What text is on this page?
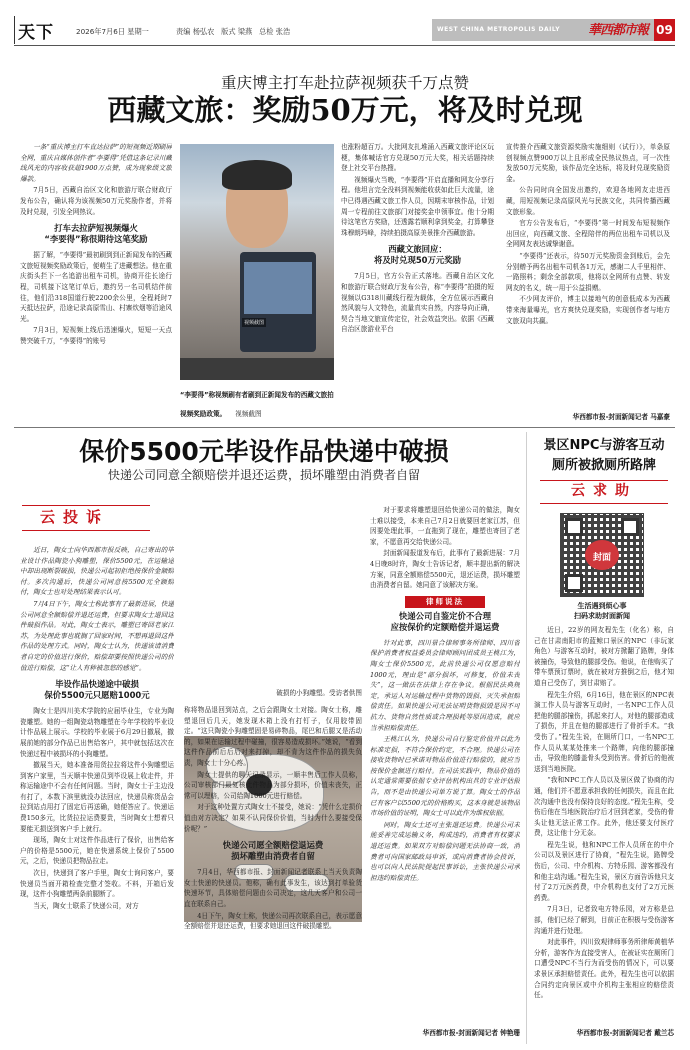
天下	2026年7月6日 星期一	责编 杨弘农 版式 梁燕 总检 张浩	WEST CHINA METROPOLIS DAILY 華西都市報 09
重庆博主打车赴拉萨视频获千万点赞
西藏文旅：奖励50万元，将及时兑现

一条“重庆博主打车直达拉萨”的短视频近期刷屏全网，重庆自媒体创作者“李要得”凭借这条记录川藏线风光的内容收获超1900万点赞，成为现象级文旅爆款。

7月5日，西藏自治区文化和旅游厅联合财政厅发布公告，确认将为该视频50万元奖励作者，并将及时兑现，引发全网热议。

打车去拉萨短视频爆火
“李要得”称很期待这笔奖励

据了解，“李要得”最初刷到到正新闻发布的西藏文旅短视频奖励政策后，便萌生了进藏想法。他在重庆街头拦下一名追游出租车司机，协商开往长途行程，司机接下这笔订单后，邀约另一名司机结伴前往，他们沿318国道行驶2200余公里，全程耗时7天抵达拉萨，沿途记录高原雪山、村寨炊烟等沿途风光。

7月3日，短视频上线后迅速爆火，短短一天点赞突破千万，“李要得”的账号

视频截图
“李要得”称视频刷有者刷到正新闻发布的西藏文旅拍视频奖励政策。 视频截图

也涨粉超百万。大批网友扎堆涌入西藏文旅评论区玩梗，集体喊话官方兑现50万元大奖，相关话题持续登上社交平台热搜。

视频爆火当晚，“李要得”开启直播和网友分享行程。他坦言完全没料到视频能收获如此巨大流量，途中已得遇西藏文旅工作人员，因期末审核作品，计划周一专程前往文旅部门对接奖金申领事宜。他十分期待这笔官方奖励，还透露若顺利拿到奖金，打算攀登珠穆朗玛峰，持续拍摄高原美景推介西藏旅游。

西藏文旅回应：
将及时兑现50万元奖励

7月5日，官方公告正式落地。西藏自治区文化和旅游厅联合财政厅发布公告，称“李要得”拍摄的短视频以G318川藏线行程为载体，全方位展示西藏自然风貌与人文特色，流量真实自然，内容导向正确，契合当地文旅宣传定位，社会效益突出。依据《西藏自治区旅游业平台

宣传推介西藏文旅资源奖励实施细则（试行）》，单条原创视频点赞900万以上且形成全民热议热点，可一次性发放50万元奖励，该作品完全达标，将及时兑现奖励资金。

公告同时向全国发出邀约，欢迎各地网友走进西藏，用短视频记录高原风光与民族文化，共同传播西藏文旅形象。

官方公告发布后，“李要得”第一时间发布短视频作出回应，向西藏文旅、全程陪伴的两位出租车司机以及全网网友表达诚挚谢意。

“李要得”还表示，待50万元奖励资金到账后，会先分别赠予两名出租车司机各1万元，感谢二人千里相伴、一路照料；剩余全部款项，他将以全网所有点赞、转发网友的名义，统一用于公益捐赠。

不少网友评价，博主以接地气的创意低成本为西藏带来海量曝光，官方爽快兑现奖励，实现创作者与地方文旅双向共赢。

华西都市报-封面新闻记者 马嘉豪
保价5500元毕设作品快递中破损
快递公司同意全额赔偿并退还运费，损坏雕塑由消费者自留
云投诉

近日，陶女士向华西都市报反映，自己寄出的毕业设计作品陶瓷小狗雕塑，保价5500元，在运输途中却出现断裂破损，快递公司起初拒绝按保价金额赔付。多次沟通后，快递公司同意按5500元全额赔付，陶女士也对处理结果表示认可。

7月4日下午，陶女士称此事有了最新进展，快递公司同意全额赔偿并退还运费，但要求陶女士退回这件破损作品。对此，陶女士表示，雕塑已寄回老家江苏，为处理此事也耽搁了回家时间，不想再退回这件作品的处理方式。同时，陶女士认为，快递该请消费者自定的价值进行保价，赔偿却要按照快递公司的价值进行赔偿，这“让人有种被忽悠的感觉”。

毕设作品快递途中破损
保价5500元只愿赔1000元

陶女士是四川美术学院的应届毕业生，专业为陶瓷雕塑。她的一组陶瓷动物雕塑在今年学校的毕业设计作品展上展示。学校的毕业展于6月29日撤展，撤展前她的部分作品已出售给客户，其中就包括这次在快递过程中被损坏的小狗雕塑。

撤展当天，她本准备用货拉拉将这件小狗雕塑运到客户家里，当天顺丰快递员到毕设展上收走件，并称运输途中不会有任何问题。当时，陶女士于主边没有打了，本数下滨里就没办法回应，快递员称货品会拉到站点用打了固定后再送确，她便答应了。快递运费150多元，比货拉拉运费要贵，当时陶女士想着只要能无损送到客户手上就行。

现场，陶女士对这件作品进行了保价，出售给客户的价格是5500元，她在快递系统上保价了5500元，之后，快递员把物品拉走。

次日，快递到了客户手里，陶女士询问客户，要快递员当面开箱检查完整才签收。不料，开箱后发现，这件小狗雕塑两条前腿断了。

当天，陶女士联系了快递公司，对方

破损的小狗雕塑。受访者供图

称将物品退回到站点，之后会跟陶女士对接。陶女士称，雕塑退回后几天，她发现木箱上没有打钉子，仅用胶带固定。“这只陶瓷小狗雕塑固是易碎物品，尾巴和后腿又是活动的，如果在运输过程中碰撞，很容易造成损坏。”她说，“看到这件作品前后后后对来打掉，却不肯为这件作品的损失负责，陶女士十分心疼。

陶女士提供的聊天记录显示，一顺丰售后工作人员称，公司审核部门最复核此件物品为部分损坏，价值未丧失，正常可以理赔，公司给陶1000元进行赔偿。

对于这种处置方式陶女士不接受，她说：“凭什么定损价值由对方决定？如果不认同保价价值，当时为什么要接受保价呢？”

快递公司愿全额赔偿退运费
损坏雕塑由消费者自留

7月4日，华西都市报、封面新闻记者联系上当天负责陶女士快递的快递员。他称，确有此事发生，该达到打单验货快速环节，具体赔偿问题由公司决定，这几天客户和公司一直在联系自己。

4日下午，陶女士称，快递公司再次联系自己，表示愿意全额赔偿并退还运费，但要求她退回这件破损雕塑。

对于要求将雕塑退回给快递公司的做法，陶女士难以接受，本来自己7月2日就要回老家江苏，但因要处理此事，一直拖到了现在，雕塑也寄回了老家，不愿意再交给快递公司。

封面新闻报道发布后，此事有了最新进展：7月4日晚8时许，陶女士告诉记者，顺丰提出新的解决方案，同意全额赔偿5500元，退还运费，损坏雕塑由消费者自留。她同意了该解决方案。

律师说法
快递公司自鉴定价不合理
应按保价约定额赔偿并退运费

针对此事，四川景合律师事务所律师、四川省保护消费者权益委员会律师顾问团成员王桃江为，陶女士保价5500元，此前快递公司仅愿意赔付1000元，理由是“部分损坏，可修复，价值未丧失”，这一做法在法律上存在争议。根据民法典规定，承运人对运输过程中货物的毁损、灭失承担赔偿责任。如果快递公司无法证明货物损毁是因不可抗力、货物自然性质或合理损耗等原因造成，就应当承担赔偿责任。

王桃江认为，快递公司自行鉴定价值并以此为标准定损，不符合保价约定，不合理。快递公司在接收货物时已承诺对物品价值进行赔偿的，就应当按保价金额进行赔付。在司法实践中，物品价值的认定通常需要依据专业评估机构出具的专业评估报告，而不是由快递公司单方说了算。陶女士的作品已有客户以5500元的价格购买，这本身就是该物品市场价值的证明，陶女士可以此作为维权依据。

同时，陶女士还可主张退还运费。快递公司未能妥善完成运输义务，构成违约，消费者有权要求退还运费。如果双方对赔偿问题无法协商一致，消费者可向国家邮政局申诉，或向消费者协会投诉，也可以向人民法院提起民事诉讼，主张快递公司承担违约赔偿责任。

华西都市报-封面新闻记者 钟艳珊
景区NPC与游客互动
厕所被掀厕所路牌
云求助
封面
生活遇到烦心事
扫码求助封面新闻

近日，22岁的网友程先生（化名）称，自己在甘肃南阳市的蓝鲸口景区的NPC（非玩家角色）与游客互动时，被对方掀翻了路牌，身体被撞伤，导致他的腿部受伤。他说，在他购买了带车票预订票时，就在被对方推倒之后，他才知道自己受伤了，到甘肃赔了。

程先生介绍，6月16日，他在景区的NPC表演工作人员与游客互动时，一名NPC工作人员把他的腿部撞伤，抓起来打人，对他的腿部造成了损伤，并且在他的腿部进行了骨折手术。“我受伤了。”程先生说，在厕所门口，一名NPC工作人员从某某处推来一个路牌，向他的腿部撞击，导致他的膝盖骨头受到伤害。骨折后的他被送到当地医院。

“我和NPC工作人员以及景区做了协商的沟通，他们并不愿意承担我的任何损失，而且在此次沟通中也没有保持良好的态度。”程先生称，受伤后他在当地医院治疗后才回到老家，受伤的骨头让他无法正常工作。此外，他还要支付医疗费，这让他十分无奈。

程先生说，他和NPC工作人员所在的中介公司以及景区进行了协商，“程先生说，路牌受伤后，公司、中介机构、方特乐园、游客都没有和他主动沟通。”程先生说，景区方面告诉他只支付了2万元医药费，中介机构也支付了2万元医药费。

7月3日，记者致电方特乐园，对方称是总部，他们已经了解到，目前正在积极与受伤游客沟通并进行处理。

对此事件，四川致观律师事务所律师黄植华分析，游客作为直接受害人，在被证实在厕所门口遭受NPC不当行为而受伤的情况下，可以要求景区承担赔偿责任。此外，程先生也可以依据合同约定向景区或中介机构主张相应的赔偿责任。

华西都市报-封面新闻记者 戴兰芯
